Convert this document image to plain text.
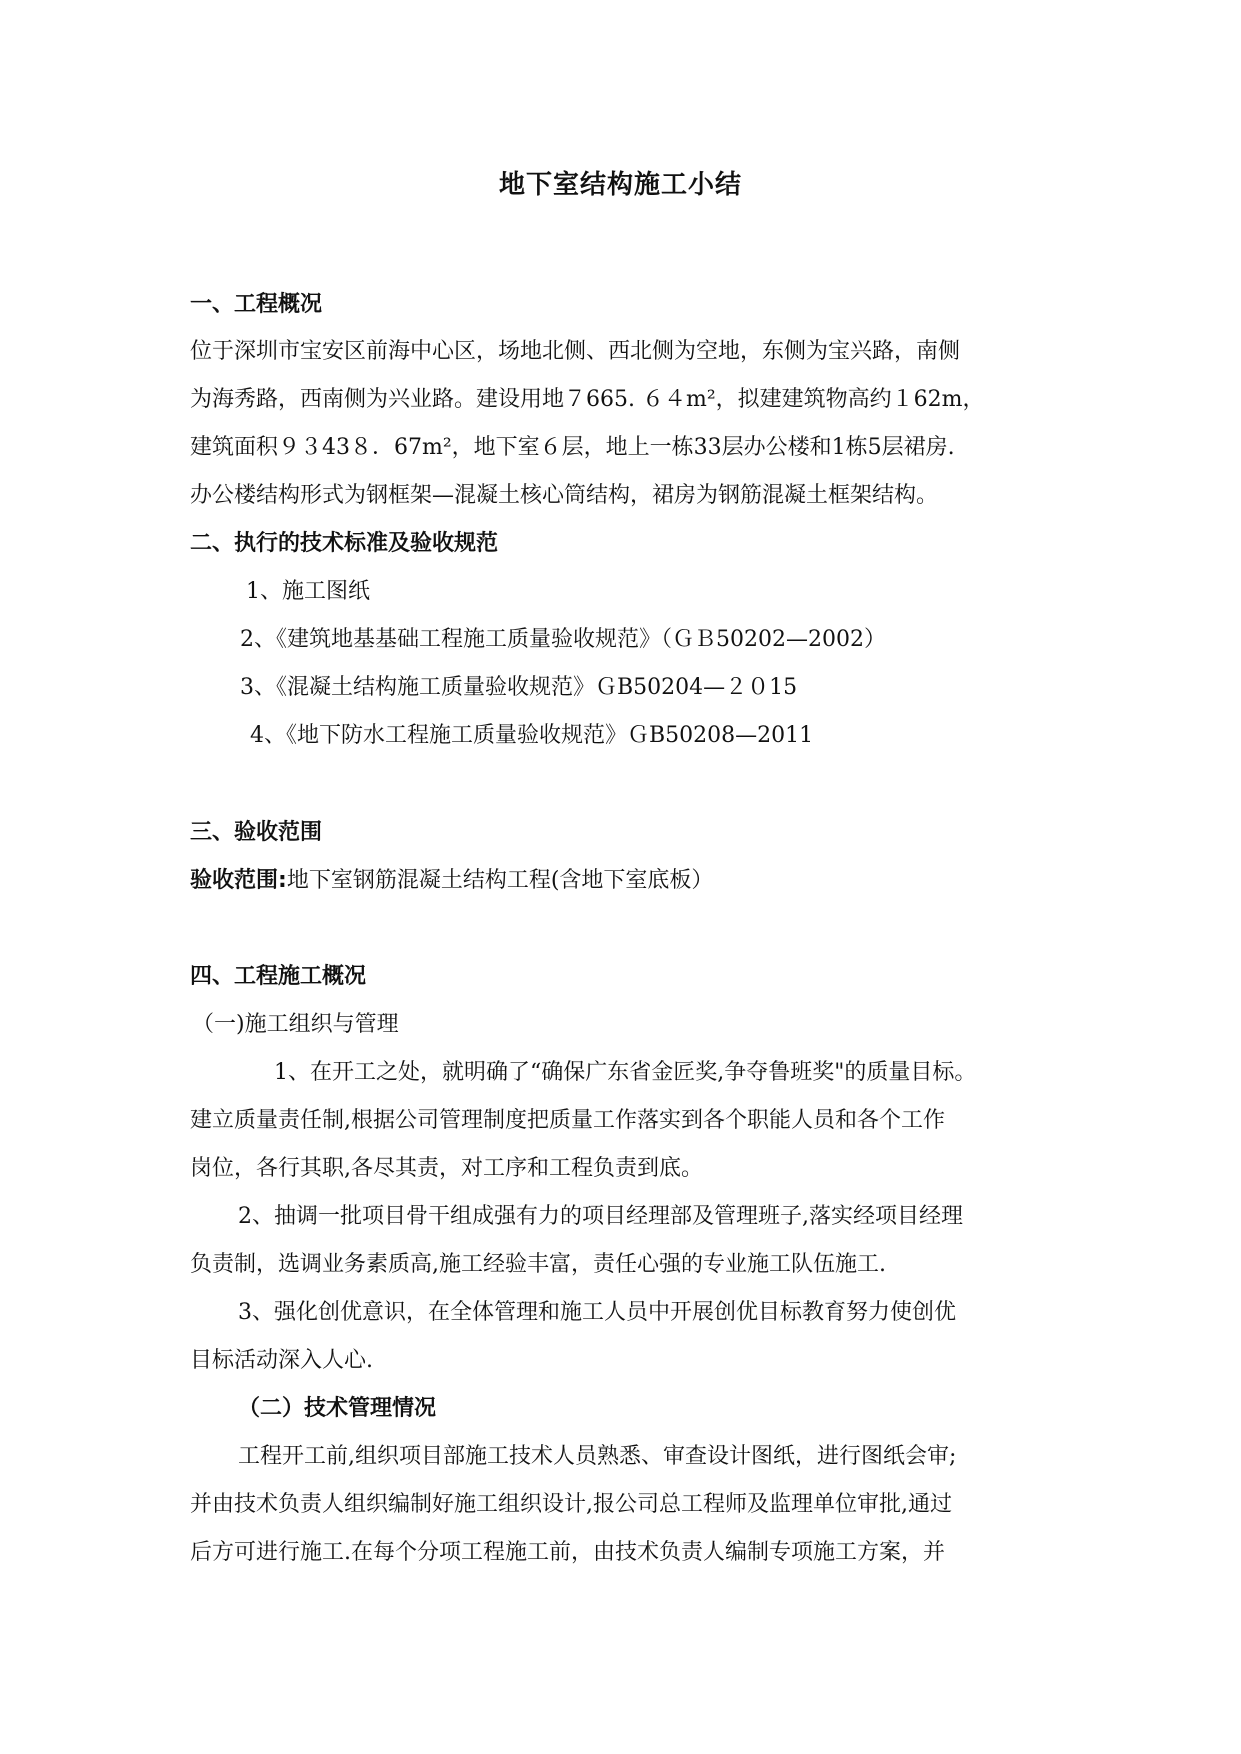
地下室结构施工小结
一、工程概况
位于深圳市宝安区前海中心区，场地北侧、西北侧为空地，东侧为宝兴路，南侧
为海秀路，西南侧为兴业路。建设用地７665. ６４m²，拟建建筑物高约１62m，
建筑面积９３43８．67m²，地下室６层，地上一栋33层办公楼和1栋5层裙房.
办公楼结构形式为钢框架—混凝土核心筒结构，裙房为钢筋混凝土框架结构。
二、执行的技术标准及验收规范
1、施工图纸
2、《建筑地基基础工程施工质量验收规范》（ＧＢ50202—2002）
3、《混凝土结构施工质量验收规范》ＧB50204—２０15
4、《地下防水工程施工质量验收规范》ＧB50208—2011
三、验收范围
验收范围:地下室钢筋混凝土结构工程(含地下室底板）
四、工程施工概况
（一)施工组织与管理
1、在开工之处，就明确了“确保广东省金匠奖,争夺鲁班奖"的质量目标。
建立质量责任制,根据公司管理制度把质量工作落实到各个职能人员和各个工作
岗位，各行其职,各尽其责，对工序和工程负责到底。
2、抽调一批项目骨干组成强有力的项目经理部及管理班子,落实经项目经理
负责制，选调业务素质高,施工经验丰富，责任心强的专业施工队伍施工.
3、强化创优意识，在全体管理和施工人员中开展创优目标教育努力使创优
目标活动深入人心.
（二）技术管理情况
工程开工前,组织项目部施工技术人员熟悉、审查设计图纸，进行图纸会审;
并由技术负责人组织编制好施工组织设计,报公司总工程师及监理单位审批,通过
后方可进行施工.在每个分项工程施工前，由技术负责人编制专项施工方案，并
